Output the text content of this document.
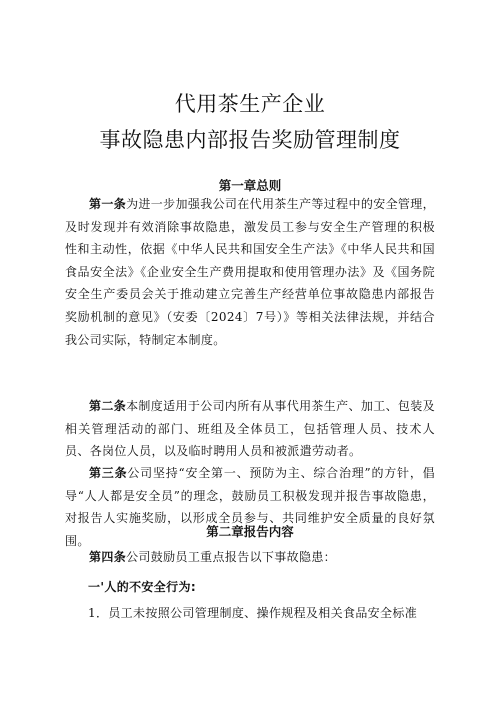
代用茶生产企业
事故隐患内部报告奖励管理制度
第一章总则
第一条为进一步加强我公司在代用茶生产等过程中的安全管理，及时发现并有效消除事故隐患，激发员工参与安全生产管理的积极性和主动性，依据《中华人民共和国安全生产法》《中华人民共和国食品安全法》《企业安全生产费用提取和使用管理办法》及《国务院安全生产委员会关于推动建立完善生产经营单位事故隐患内部报告奖励机制的意见》（安委〔2024〕7号）》等相关法律法规，并结合我公司实际，特制定本制度。
第二条本制度适用于公司内所有从事代用茶生产、加工、包装及相关管理活动的部门、班组及全体员工，包括管理人员、技术人员、各岗位人员，以及临时聘用人员和被派遣劳动者。
第三条公司坚持“安全第一、预防为主、综合治理”的方针，倡导“人人都是安全员”的理念，鼓励员工积极发现并报告事故隐患，对报告人实施奖励，以形成全员参与、共同维护安全质量的良好氛围。
第二章报告内容
第四条公司鼓励员工重点报告以下事故隐患：
一'人的不安全行为:
1．员工未按照公司管理制度、操作规程及相关食品安全标准
